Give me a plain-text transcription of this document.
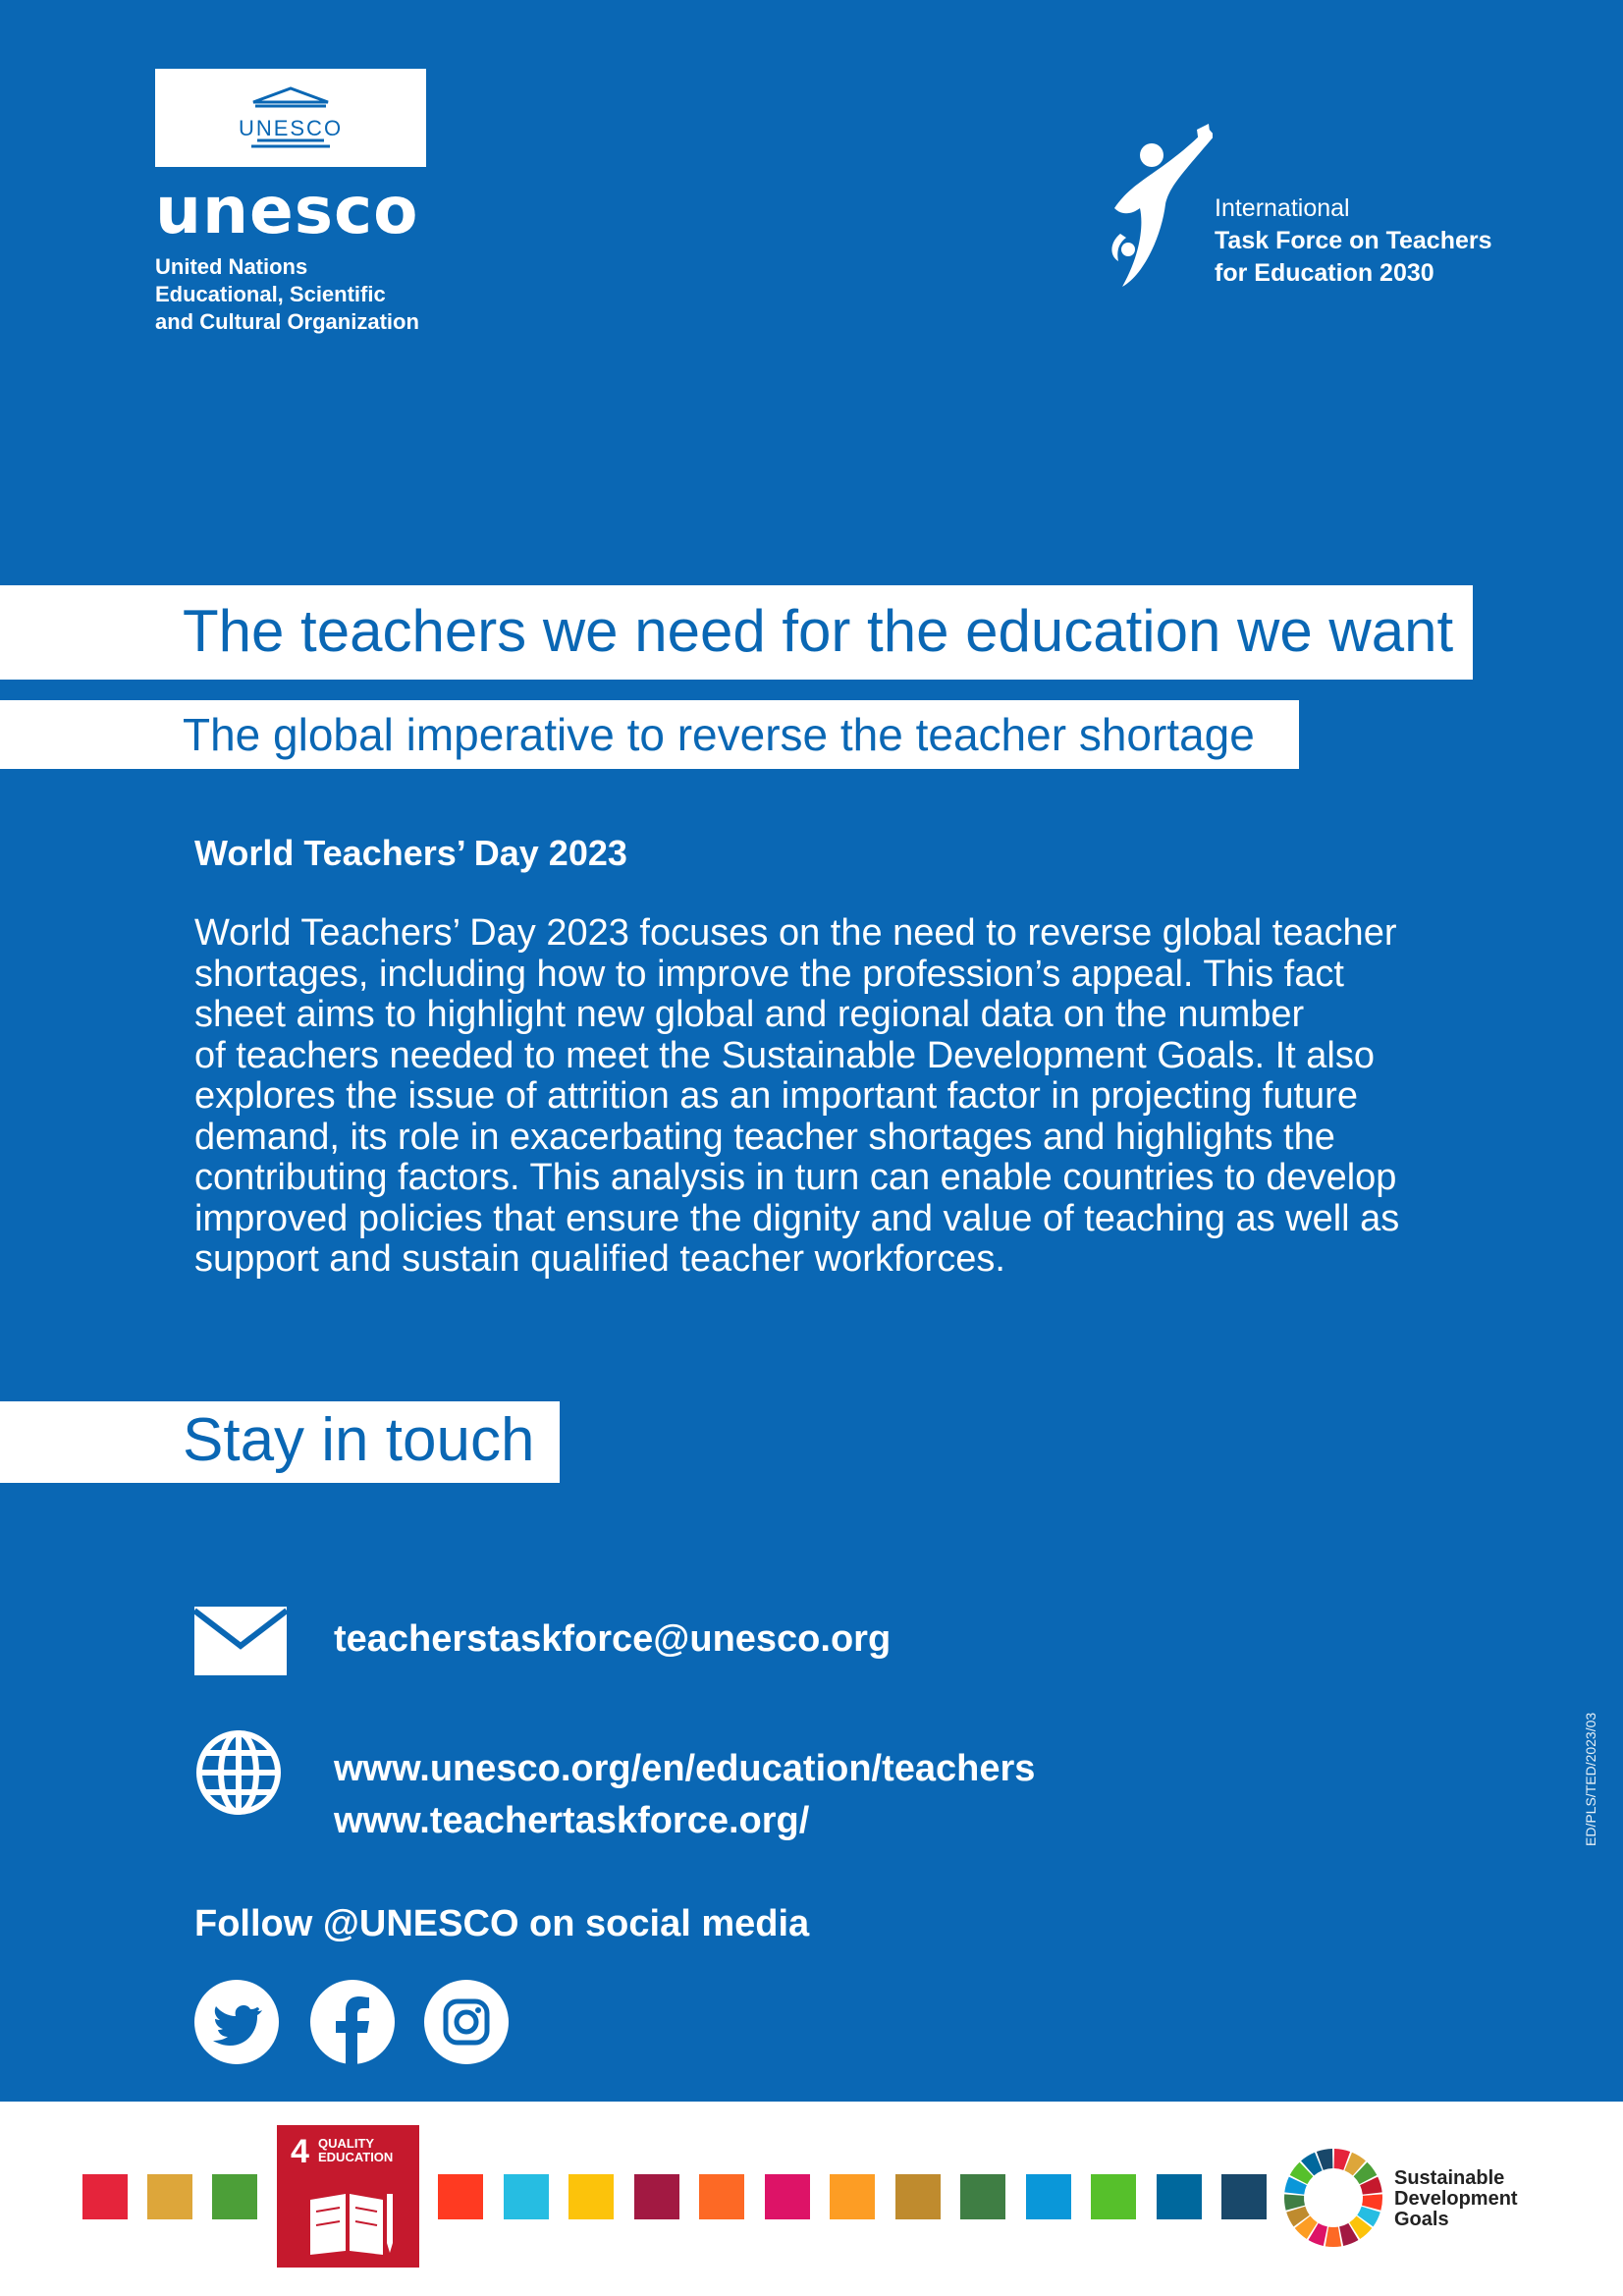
UNESCO
unesco
United Nations
Educational, Scientific
and Cultural Organization
International
Task Force on Teachers
for Education 2030
The teachers we need for the education we want
The global imperative to reverse the teacher shortage
World Teachers’ Day 2023
World Teachers’ Day 2023 focuses on the need to reverse global teacher
shortages, including how to improve the profession’s appeal. This fact
sheet aims to highlight new global and regional data on the number
of teachers needed to meet the Sustainable Development Goals. It also
explores the issue of attrition as an important factor in projecting future
demand, its role in exacerbating teacher shortages and highlights the
contributing factors. This analysis in turn can enable countries to develop
improved policies that ensure the dignity and value of teaching as well as
support and sustain qualified teacher workforces.
Stay in touch
teacherstaskforce@unesco.org
www.unesco.org/en/education/teachers
www.teachertaskforce.org/
Follow @UNESCO on social media
ED/PLS/TED/2023/03
4 QUALITY
EDUCATION
Sustainable
Development
Goals
